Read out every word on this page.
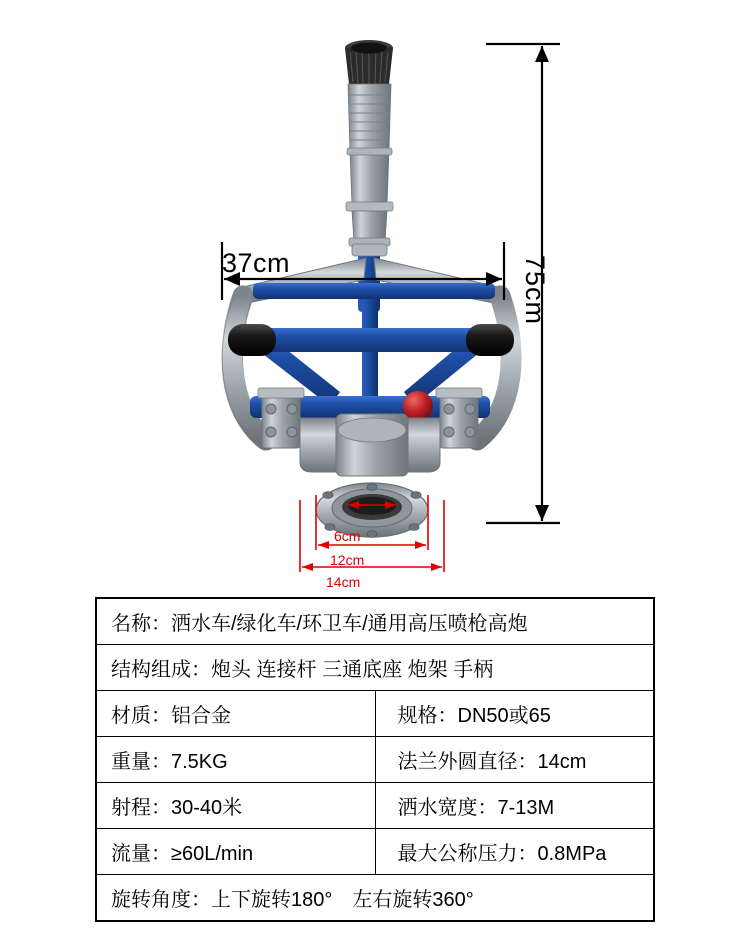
37cm	75cm
6cm
12cm
14cm
名称：洒水车/绿化车/环卫车/通用高压喷枪高炮	
结构组成：炮头 连接杆 三通底座 炮架 手柄	
材质：铝合金	规格：DN50或65
重量：7.5KG	法兰外圆直径：14cm
射程：30-40米	洒水宽度：7-13M
流量：≥60L/min	最大公称压力：0.8MPa
旋转角度：上下旋转180°　左右旋转360°	
